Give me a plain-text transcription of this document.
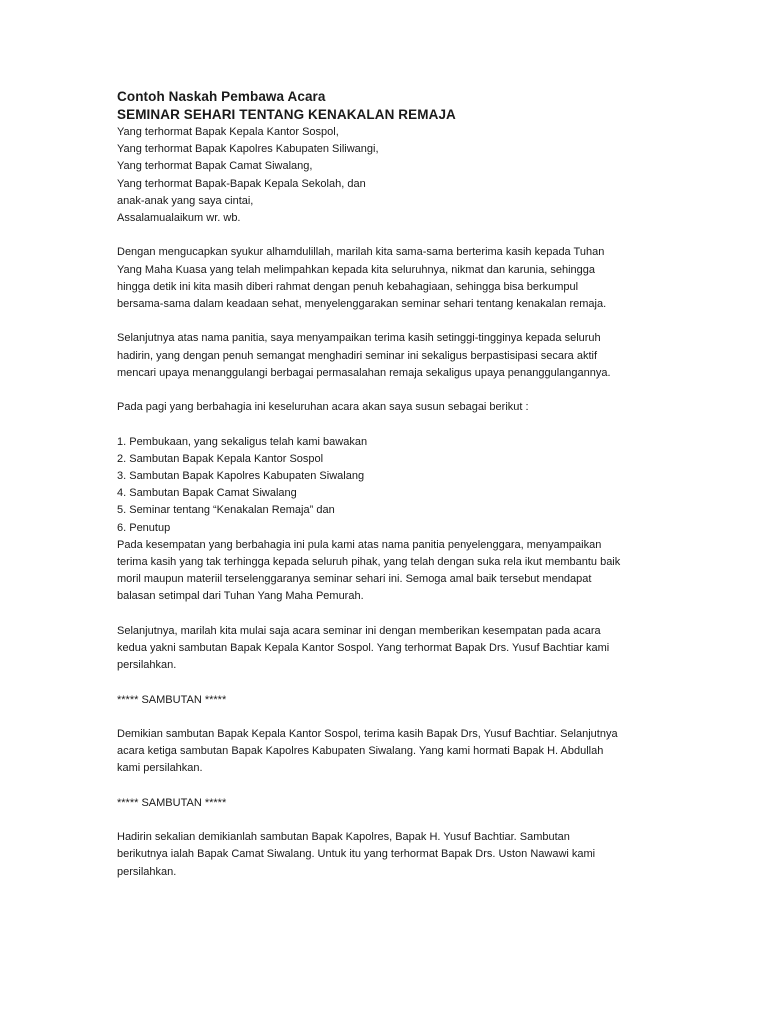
Contoh Naskah Pembawa Acara

SEMINAR SEHARI TENTANG KENAKALAN REMAJA

Yang terhormat Bapak Kepala Kantor Sospol,

Yang terhormat Bapak Kapolres Kabupaten Siliwangi,

Yang terhormat Bapak Camat Siwalang,

Yang terhormat Bapak-Bapak Kepala Sekolah, dan

anak-anak yang saya cintai,

Assalamualaikum wr. wb.

Dengan mengucapkan syukur alhamdulillah, marilah kita sama-sama berterima kasih kepada Tuhan

Yang Maha Kuasa yang telah melimpahkan kepada kita seluruhnya, nikmat dan karunia, sehingga

hingga detik ini kita masih diberi rahmat dengan penuh kebahagiaan, sehingga bisa berkumpul

bersama-sama dalam keadaan sehat, menyelenggarakan seminar sehari tentang kenakalan remaja.

Selanjutnya atas nama panitia, saya menyampaikan terima kasih setinggi-tingginya kepada seluruh

hadirin, yang dengan penuh semangat menghadiri seminar ini sekaligus berpastisipasi secara aktif

mencari upaya menanggulangi berbagai permasalahan remaja sekaligus upaya penanggulangannya.

Pada pagi yang berbahagia ini keseluruhan acara akan saya susun sebagai berikut :

1. Pembukaan, yang sekaligus telah kami bawakan

2. Sambutan Bapak Kepala Kantor Sospol

3. Sambutan Bapak Kapolres Kabupaten Siwalang

4. Sambutan Bapak Camat Siwalang

5. Seminar tentang “Kenakalan Remaja” dan

6. Penutup

Pada kesempatan yang berbahagia ini pula kami atas nama panitia penyelenggara, menyampaikan

terima kasih yang tak terhingga kepada seluruh pihak, yang telah dengan suka rela ikut membantu baik

moril maupun materiil terselenggaranya seminar sehari ini. Semoga amal baik tersebut mendapat

balasan setimpal dari Tuhan Yang Maha Pemurah.

Selanjutnya, marilah kita mulai saja acara seminar ini dengan memberikan kesempatan pada acara

kedua yakni sambutan Bapak Kepala Kantor Sospol. Yang terhormat Bapak Drs. Yusuf Bachtiar kami

persilahkan.

***** SAMBUTAN *****

Demikian sambutan Bapak Kepala Kantor Sospol, terima kasih Bapak Drs, Yusuf Bachtiar. Selanjutnya

acara ketiga sambutan Bapak Kapolres Kabupaten Siwalang. Yang kami hormati Bapak H. Abdullah

kami persilahkan.

***** SAMBUTAN *****

Hadirin sekalian demikianlah sambutan Bapak Kapolres, Bapak H. Yusuf Bachtiar. Sambutan

berikutnya ialah Bapak Camat Siwalang. Untuk itu yang terhormat Bapak Drs. Uston Nawawi kami

persilahkan.
